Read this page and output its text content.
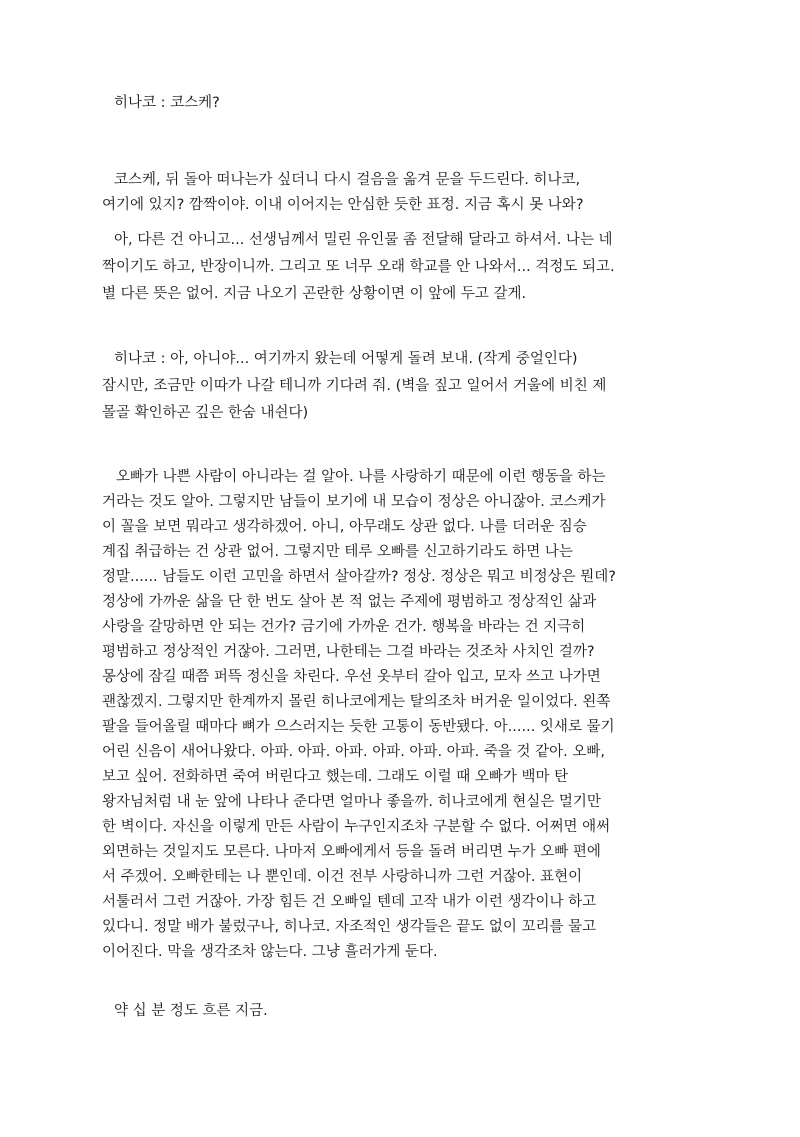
히나코 : 코스케?
코스케, 뒤 돌아 떠나는가 싶더니 다시 걸음을 옮겨 문을 두드린다. 히나코,
여기에 있지? 깜짝이야. 이내 이어지는 안심한 듯한 표정. 지금 혹시 못 나와?
아, 다른 건 아니고... 선생님께서 밀린 유인물 좀 전달해 달라고 하셔서. 나는 네
짝이기도 하고, 반장이니까. 그리고 또 너무 오래 학교를 안 나와서... 걱정도 되고.
별 다른 뜻은 없어. 지금 나오기 곤란한 상황이면 이 앞에 두고 갈게.
히나코 : 아, 아니야... 여기까지 왔는데 어떻게 돌려 보내. (작게 중얼인다)
잠시만, 조금만 이따가 나갈 테니까 기다려 줘. (벽을 짚고 일어서 거울에 비친 제
몰골 확인하곤 깊은 한숨 내쉰다)
오빠가 나쁜 사람이 아니라는 걸 알아. 나를 사랑하기 때문에 이런 행동을 하는
거라는 것도 알아. 그렇지만 남들이 보기에 내 모습이 정상은 아니잖아. 코스케가
이 꼴을 보면 뭐라고 생각하겠어. 아니, 아무래도 상관 없다. 나를 더러운 짐승
계집 취급하는 건 상관 없어. 그렇지만 테루 오빠를 신고하기라도 하면 나는
정말...... 남들도 이런 고민을 하면서 살아갈까? 정상. 정상은 뭐고 비정상은 뭔데?
정상에 가까운 삶을 단 한 번도 살아 본 적 없는 주제에 평범하고 정상적인 삶과
사랑을 갈망하면 안 되는 건가? 금기에 가까운 건가. 행복을 바라는 건 지극히
평범하고 정상적인 거잖아. 그러면, 나한테는 그걸 바라는 것조차 사치인 걸까?
몽상에 잠길 때쯤 퍼뜩 정신을 차린다. 우선 옷부터 갈아 입고, 모자 쓰고 나가면
괜찮겠지. 그렇지만 한계까지 몰린 히나코에게는 탈의조차 버거운 일이었다. 왼쪽
팔을 들어올릴 때마다 뼈가 으스러지는 듯한 고통이 동반됐다. 아...... 잇새로 물기
어린 신음이 새어나왔다. 아파. 아파. 아파. 아파. 아파. 아파. 죽을 것 같아. 오빠,
보고 싶어. 전화하면 죽여 버린다고 했는데. 그래도 이럴 때 오빠가 백마 탄
왕자님처럼 내 눈 앞에 나타나 준다면 얼마나 좋을까. 히나코에게 현실은 멀기만
한 벽이다. 자신을 이렇게 만든 사람이 누구인지조차 구분할 수 없다. 어쩌면 애써
외면하는 것일지도 모른다. 나마저 오빠에게서 등을 돌려 버리면 누가 오빠 편에
서 주겠어. 오빠한테는 나 뿐인데. 이건 전부 사랑하니까 그런 거잖아. 표현이
서툴러서 그런 거잖아. 가장 힘든 건 오빠일 텐데 고작 내가 이런 생각이나 하고
있다니. 정말 배가 불렀구나, 히나코. 자조적인 생각들은 끝도 없이 꼬리를 물고
이어진다. 막을 생각조차 않는다. 그냥 흘러가게 둔다.
약 십 분 정도 흐른 지금.
